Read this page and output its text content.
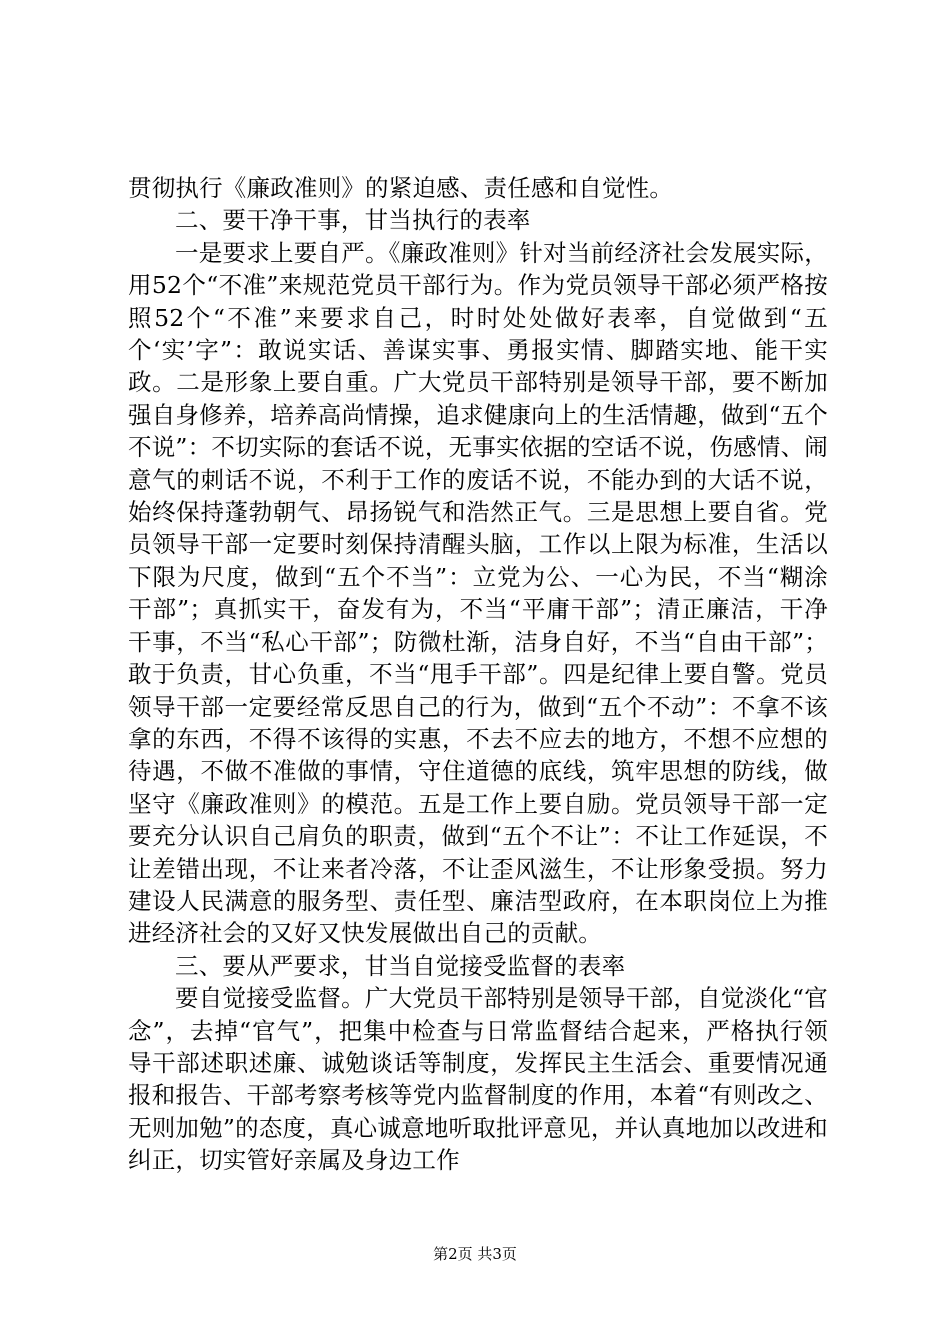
贯彻执行《廉政准则》的紧迫感、责任感和自觉性。

二、要干净干事，甘当执行的表率

一是要求上要自严。《廉政准则》针对当前经济社会发展实际，用52个“不准”来规范党员干部行为。作为党员领导干部必须严格按照52个“不准”来要求自己，时时处处做好表率，自觉做到“五个‘实’字”：敢说实话、善谋实事、勇报实情、脚踏实地、能干实政。二是形象上要自重。广大党员干部特别是领导干部，要不断加强自身修养，培养高尚情操，追求健康向上的生活情趣，做到“五个不说”：不切实际的套话不说，无事实依据的空话不说，伤感情、闹意气的刺话不说，不利于工作的废话不说，不能办到的大话不说，始终保持蓬勃朝气、昂扬锐气和浩然正气。三是思想上要自省。党员领导干部一定要时刻保持清醒头脑，工作以上限为标准，生活以下限为尺度，做到“五个不当”：立党为公、一心为民，不当“糊涂干部”；真抓实干，奋发有为，不当“平庸干部”；清正廉洁，干净干事，不当“私心干部”；防微杜渐，洁身自好，不当“自由干部”；敢于负责，甘心负重，不当“甩手干部”。四是纪律上要自警。党员领导干部一定要经常反思自己的行为，做到“五个不动”：不拿不该拿的东西，不得不该得的实惠，不去不应去的地方，不想不应想的待遇，不做不准做的事情，守住道德的底线，筑牢思想的防线，做坚守《廉政准则》的模范。五是工作上要自励。党员领导干部一定要充分认识自己肩负的职责，做到“五个不让”：不让工作延误，不让差错出现，不让来者冷落，不让歪风滋生，不让形象受损。努力建设人民满意的服务型、责任型、廉洁型政府，在本职岗位上为推进经济社会的又好又快发展做出自己的贡献。

三、要从严要求，甘当自觉接受监督的表率

要自觉接受监督。广大党员干部特别是领导干部，自觉淡化“官念”，去掉“官气”，把集中检查与日常监督结合起来，严格执行领导干部述职述廉、诚勉谈话等制度，发挥民主生活会、重要情况通报和报告、干部考察考核等党内监督制度的作用，本着“有则改之、无则加勉”的态度，真心诚意地听取批评意见，并认真地加以改进和纠正，切实管好亲属及身边工作

第2页 共3页
